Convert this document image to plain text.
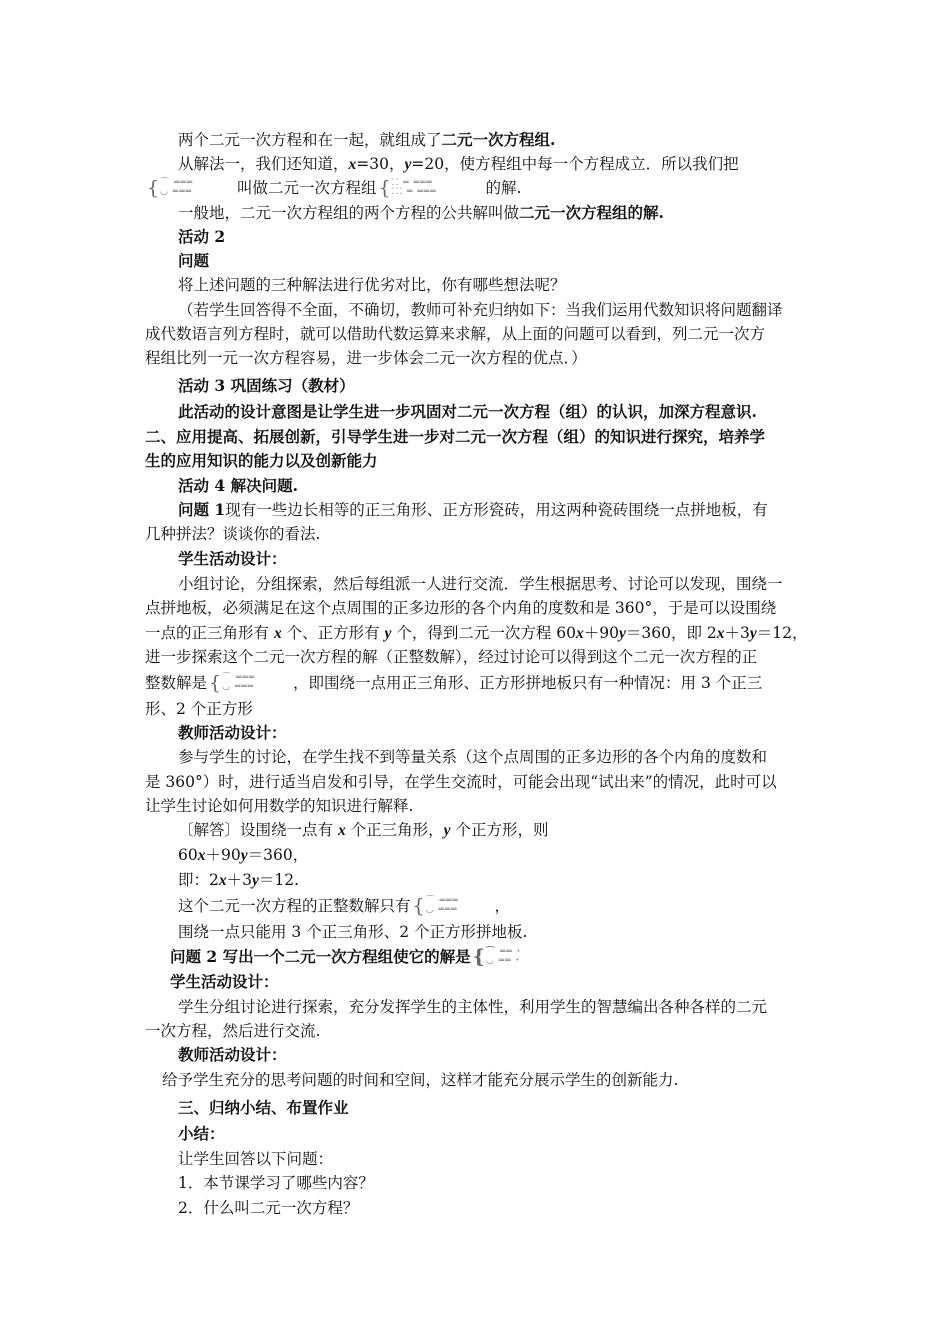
两个二元一次方程和在一起，就组成了二元一次方程组.
从解法一，我们还知道，x=30，y=20，使方程组中每一个方程成立．所以我们把
{⌒ ═══
◡ ═══	叫做二元一次方程组 {⁚⁚ ═ ═══
⁚⁚⁚ ═ ═══	的解.
一般地，二元一次方程组的两个方程的公共解叫做二元一次方程组的解.
活动 2
问题
将上述问题的三种解法进行优劣对比，你有哪些想法呢？
（若学生回答得不全面，不确切，教师可补充归纳如下：当我们运用代数知识将问题翻译
成代数语言列方程时，就可以借助代数运算来求解，从上面的问题可以看到，列二元一次方
程组比列一元一次方程容易，进一步体会二元一次方程的优点．）
活动 3 巩固练习（教材）
此活动的设计意图是让学生进一步巩固对二元一次方程（组）的认识，加深方程意识.
二、应用提高、拓展创新，引导学生进一步对二元一次方程（组）的知识进行探究，培养学
生的应用知识的能力以及创新能力
活动 4 解决问题.
问题 1现有一些边长相等的正三角形、正方形瓷砖，用这两种瓷砖围绕一点拼地板，有
几种拼法？谈谈你的看法.
学生活动设计：
小组讨论，分组探索，然后每组派一人进行交流．学生根据思考、讨论可以发现，围绕一
点拼地板，必须满足在这个点周围的正多边形的各个内角的度数和是 360°，于是可以设围绕
一点的正三角形有 x 个、正方形有 y 个，得到二元一次方程 60x＋90y＝360，即 2x＋3y＝12，
进一步探索这个二元一次方程的解（正整数解），经过讨论可以得到这个二元一次方程的正
整数解是 {⌒ ═══
◡ ═══	，即围绕一点用正三角形、正方形拼地板只有一种情况：用 3 个正三
形、2 个正方形
教师活动设计：
参与学生的讨论，在学生找不到等量关系（这个点周围的正多边形的各个内角的度数和
是 360°）时，进行适当启发和引导，在学生交流时，可能会出现“试出来”的情况，此时可以
让学生讨论如何用数学的知识进行解释.
〔解答〕设围绕一点有 x 个正三角形，y 个正方形，则
60x＋90y＝360，
即：2x＋3y＝12.
这个二元一次方程的正整数解只有 {⌒ ═══
◡ ═══ ，
围绕一点只能用 3 个正三角形、2 个正方形拼地板.
问题 2 写出一个二元一次方程组使它的解是 {⌒ ══ ·
◡ ══ ·
学生活动设计：
学生分组讨论进行探索，充分发挥学生的主体性，利用学生的智慧编出各种各样的二元
一次方程，然后进行交流.
教师活动设计：
给予学生充分的思考问题的时间和空间，这样才能充分展示学生的创新能力.
三、归纳小结、布置作业
小结：
让学生回答以下问题：
1．本节课学习了哪些内容？
2．什么叫二元一次方程？
